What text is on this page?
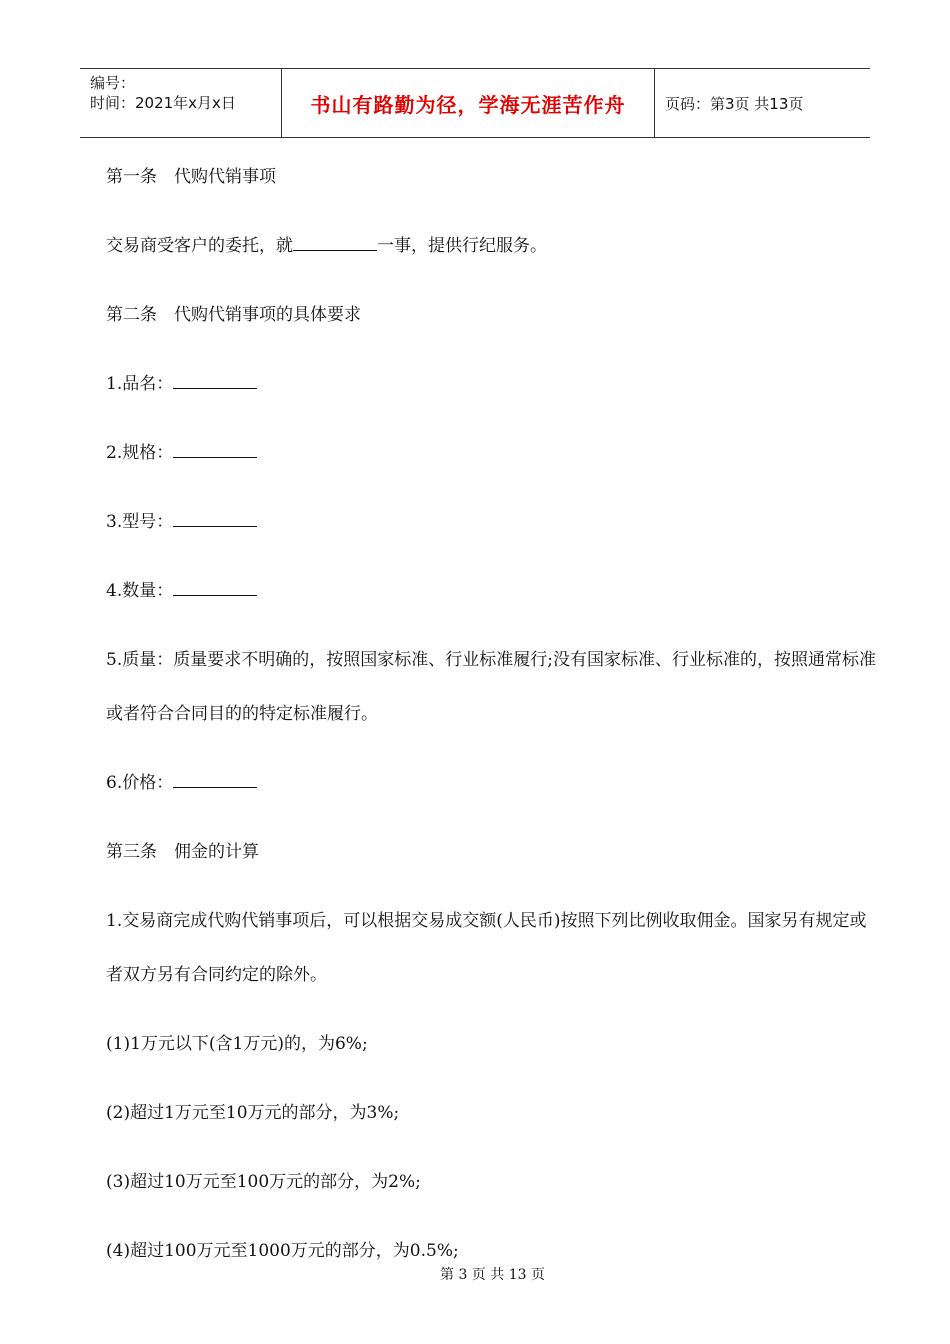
编号：
时间：2021年x月x日	书山有路勤为径，学海无涯苦作舟	页码：第3页 共13页
第一条　代购代销事项
交易商受客户的委托，就	一事，提供行纪服务。
第二条　代购代销事项的具体要求
1.品名：
2.规格：
3.型号：
4.数量：
5.质量：质量要求不明确的，按照国家标准、行业标准履行;没有国家标准、行业标准的，按照通常标准或者符合合同目的的特定标准履行。
6.价格：
第三条　佣金的计算
1.交易商完成代购代销事项后，可以根据交易成交额(人民币)按照下列比例收取佣金。国家另有规定或者双方另有合同约定的除外。
(1)1万元以下(含1万元)的，为6%;
(2)超过1万元至10万元的部分，为3%;
(3)超过10万元至100万元的部分，为2%;
(4)超过100万元至1000万元的部分，为0.5%;
第 3 页 共 13 页
